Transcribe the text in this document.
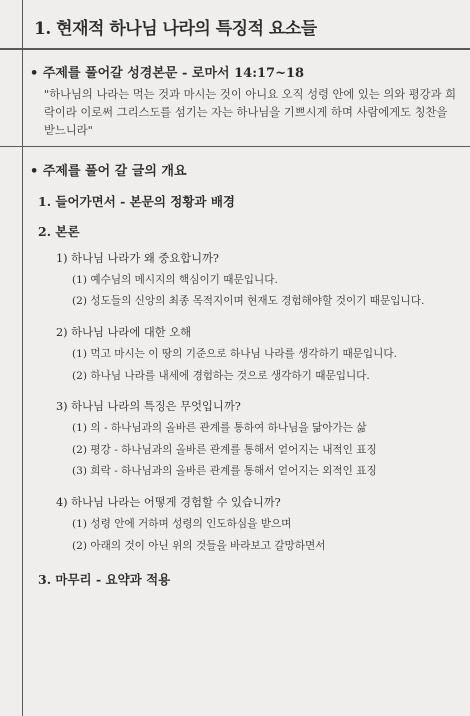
1. 현재적 하나님 나라의 특징적 요소들
• 주제를 풀어갈 성경본문 - 로마서 14:17~18
"하나님의 나라는 먹는 것과 마시는 것이 아니요 오직 성령 안에 있는 의와 평강과 희락이라 이로써 그리스도를 섬기는 자는 하나님을 기쁘시게 하며 사람에게도 칭찬을 받느니라"
• 주제를 풀어 갈 글의 개요
1. 들어가면서 - 본문의 정황과 배경
2. 본론
1) 하나님 나라가 왜 중요합니까?
(1) 예수님의 메시지의 핵심이기 때문입니다.
(2) 성도들의 신앙의 최종 목적지이며 현재도 경험해야할 것이기 때문입니다.
2) 하나님 나라에 대한 오해
(1) 먹고 마시는 이 땅의 기준으로 하나님 나라를 생각하기 때문입니다.
(2) 하나님 나라를 내세에 경험하는 것으로 생각하기 때문입니다.
3) 하나님 나라의 특징은 무엇입니까?
(1) 의 - 하나님과의 올바른 관계를 통하여 하나님을 닮아가는 삶
(2) 평강 - 하나님과의 올바른 관계를 통해서 얻어지는 내적인 표징
(3) 희락 - 하나님과의 올바른 관계를 통해서 얻어지는 외적인 표징
4) 하나님 나라는 어떻게 경험할 수 있습니까?
(1) 성령 안에 거하며 성령의 인도하심을 받으며
(2) 아래의 것이 아닌 위의 것들을 바라보고 갈망하면서
3. 마무리 - 요약과 적용
